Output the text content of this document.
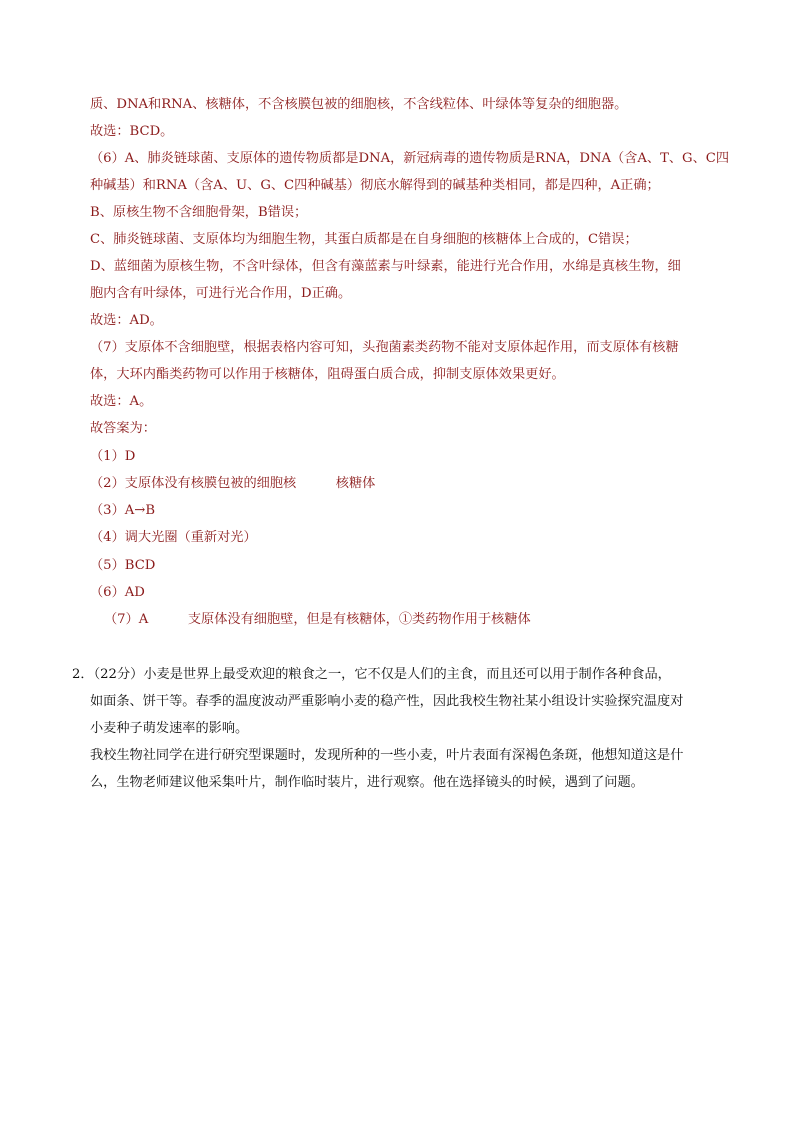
质、DNA和RNA、核糖体，不含核膜包被的细胞核，不含线粒体、叶绿体等复杂的细胞器。
故选：BCD。
（6）A、肺炎链球菌、支原体的遗传物质都是DNA，新冠病毒的遗传物质是RNA，DNA（含A、T、G、C四
种碱基）和RNA（含A、U、G、C四种碱基）彻底水解得到的碱基种类相同，都是四种，A正确；
B、原核生物不含细胞骨架，B错误；
C、肺炎链球菌、支原体均为细胞生物，其蛋白质都是在自身细胞的核糖体上合成的，C错误；
D、蓝细菌为原核生物，不含叶绿体，但含有藻蓝素与叶绿素，能进行光合作用，水绵是真核生物，细
胞内含有叶绿体，可进行光合作用，D正确。
故选：AD。
（7）支原体不含细胞壁，根据表格内容可知，头孢菌素类药物不能对支原体起作用，而支原体有核糖
体，大环内酯类药物可以作用于核糖体，阻碍蛋白质合成，抑制支原体效果更好。
故选：A。
故答案为：
（1）D
（2）支原体没有核膜包被的细胞核　　　核糖体
（3）A→B
（4）调大光圈（重新对光）
（5）BCD
（6）AD
（7）A　　　支原体没有细胞壁，但是有核糖体，①类药物作用于核糖体
2．（22分）小麦是世界上最受欢迎的粮食之一，它不仅是人们的主食，而且还可以用于制作各种食品，
如面条、饼干等。春季的温度波动严重影响小麦的稳产性，因此我校生物社某小组设计实验探究温度对
小麦种子萌发速率的影响。
我校生物社同学在进行研究型课题时，发现所种的一些小麦，叶片表面有深褐色条斑，他想知道这是什
么，生物老师建议他采集叶片，制作临时装片，进行观察。他在选择镜头的时候，遇到了问题。
